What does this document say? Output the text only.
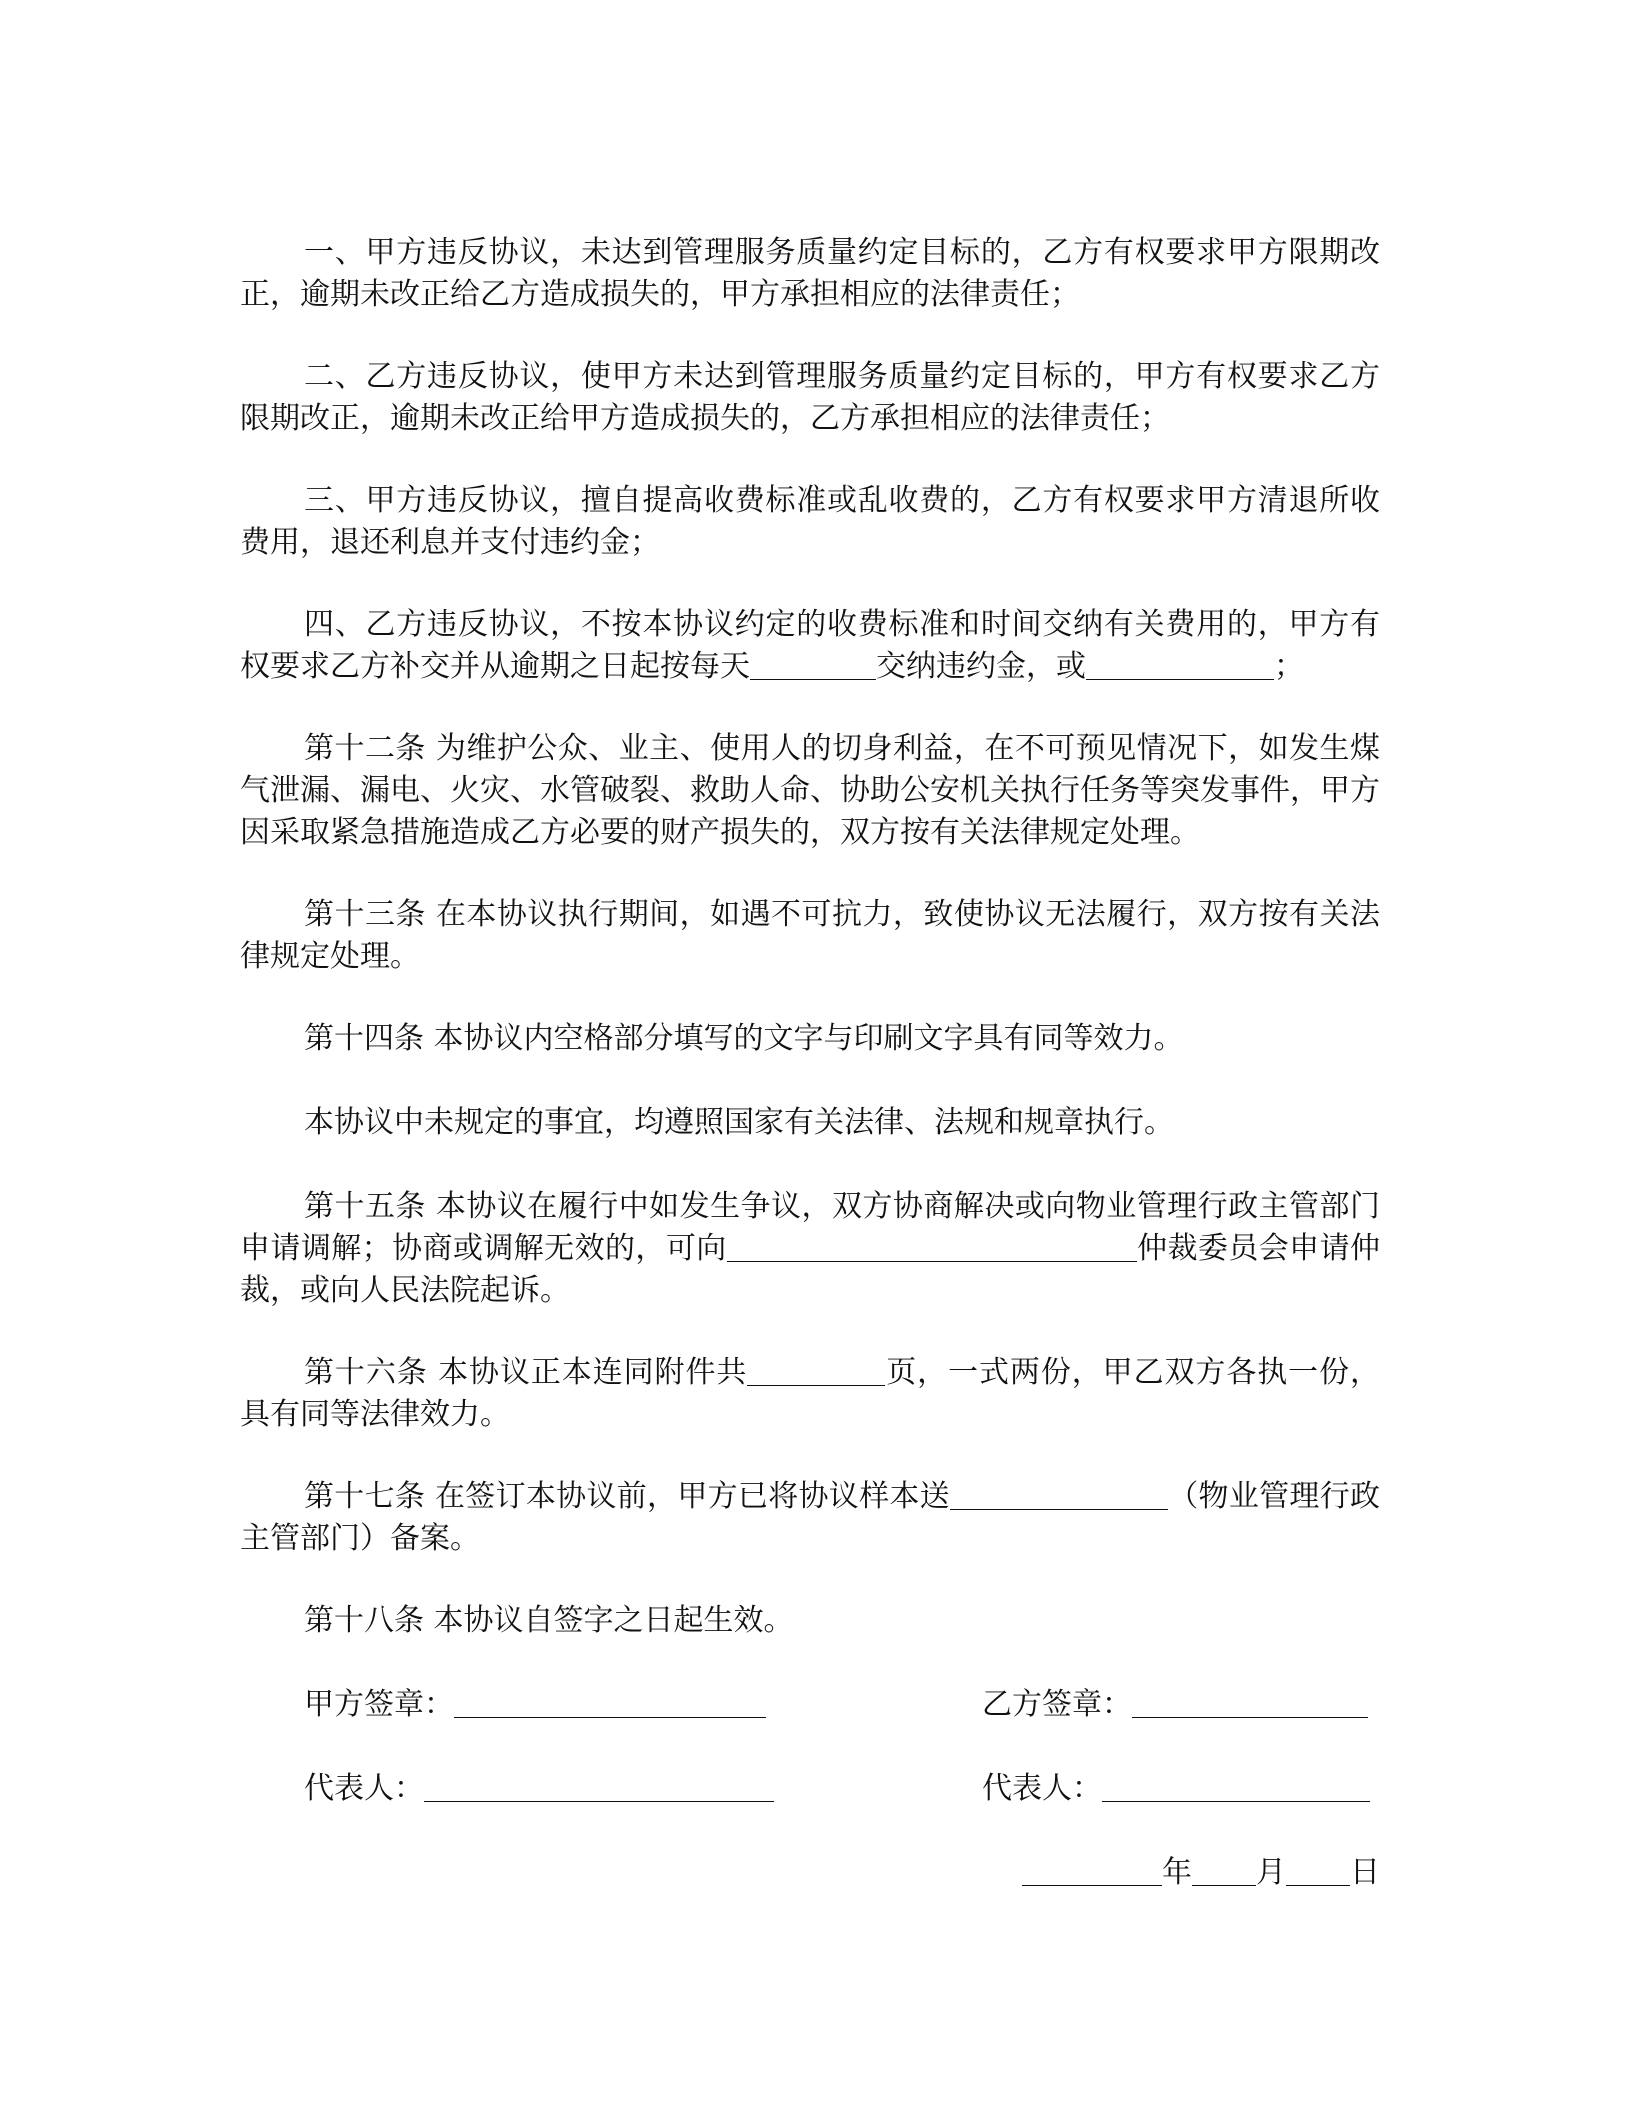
一、甲方违反协议，未达到管理服务质量约定目标的，乙方有权要求甲方限期改正，逾期未改正给乙方造成损失的，甲方承担相应的法律责任；

二、乙方违反协议，使甲方未达到管理服务质量约定目标的，甲方有权要求乙方限期改正，逾期未改正给甲方造成损失的，乙方承担相应的法律责任；

三、甲方违反协议，擅自提高收费标准或乱收费的，乙方有权要求甲方清退所收费用，退还利息并支付违约金；

四、乙方违反协议，不按本协议约定的收费标准和时间交纳有关费用的，甲方有权要求乙方补交并从逾期之日起按每天	交纳违约金，或	；

第十二条 为维护公众、业主、使用人的切身利益，在不可预见情况下，如发生煤气泄漏、漏电、火灾、水管破裂、救助人命、协助公安机关执行任务等突发事件，甲方因采取紧急措施造成乙方必要的财产损失的，双方按有关法律规定处理。

第十三条 在本协议执行期间，如遇不可抗力，致使协议无法履行，双方按有关法律规定处理。

第十四条 本协议内空格部分填写的文字与印刷文字具有同等效力。

本协议中未规定的事宜，均遵照国家有关法律、法规和规章执行。

第十五条 本协议在履行中如发生争议，双方协商解决或向物业管理行政主管部门申请调解；协商或调解无效的，可向	仲裁委员会申请仲裁，或向人民法院起诉。

第十六条 本协议正本连同附件共	页，一式两份，甲乙双方各执一份，具有同等法律效力。

第十七条 在签订本协议前，甲方已将协议样本送	（物业管理行政主管部门）备案。

第十八条 本协议自签字之日起生效。

甲方签章：	乙方签章：
代表人：	代表人：
年 月 日
